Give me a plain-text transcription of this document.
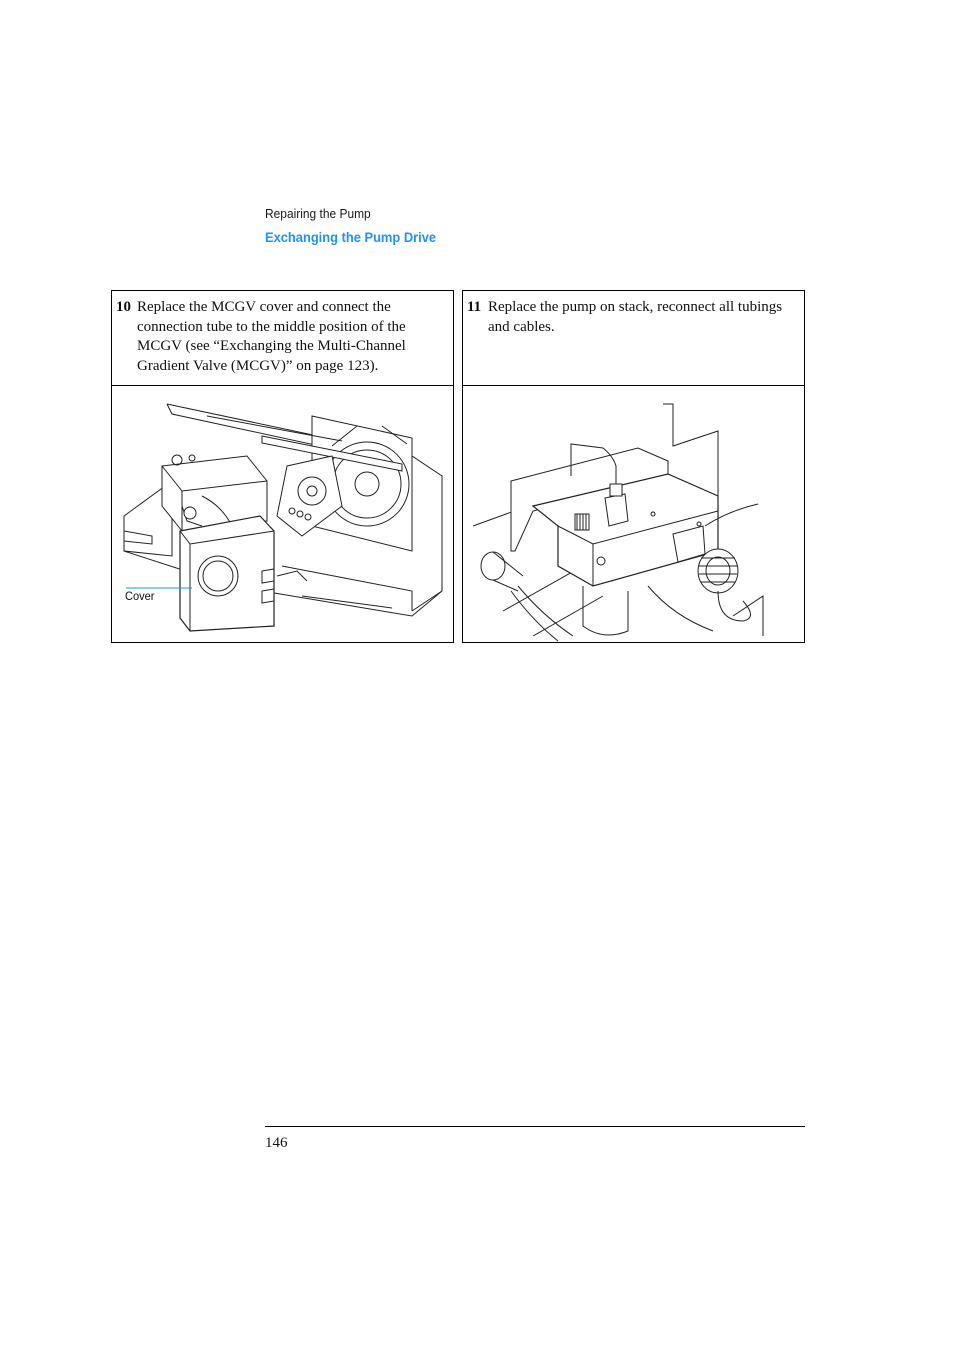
Repairing the Pump
Exchanging the Pump Drive
10 Replace the MCGV cover and connect the connection tube to the middle position of the MCGV (see “Exchanging the Multi-Channel Gradient Valve (MCGV)” on page 123).
11 Replace the pump on stack, reconnect all tubings and cables.
Cover
146
